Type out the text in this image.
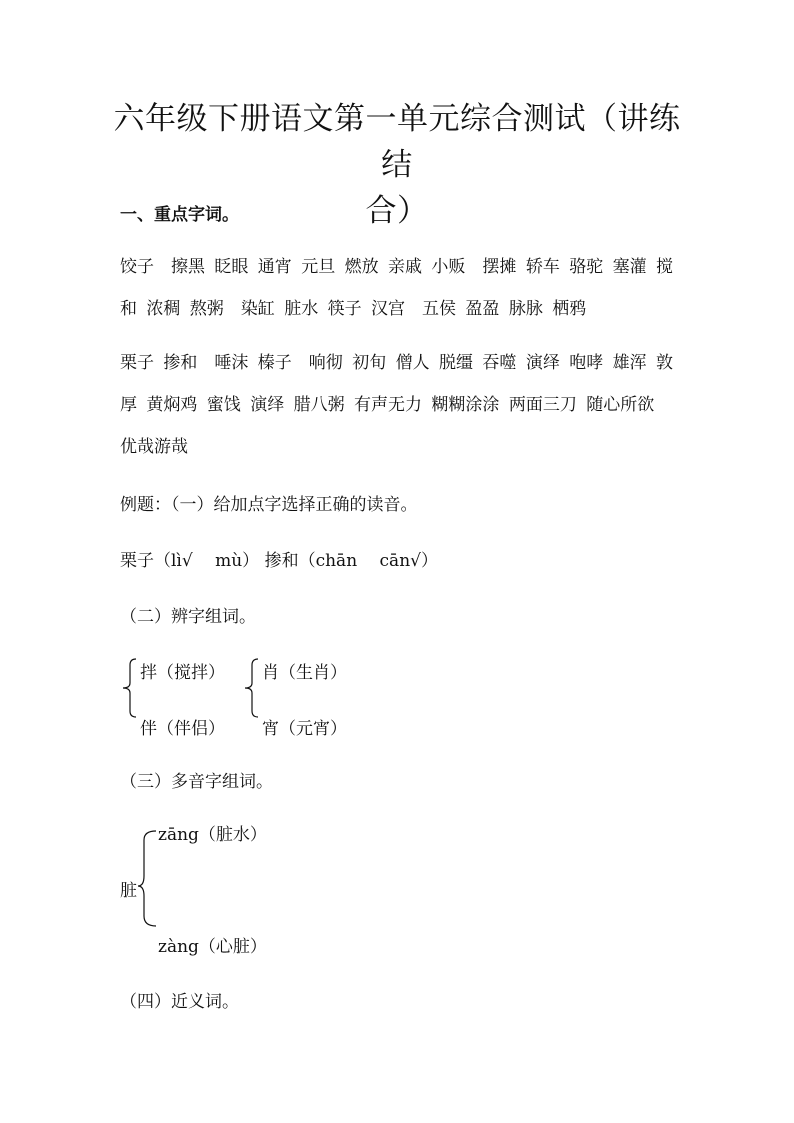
六年级下册语文第一单元综合测试（讲练结
合）
一、重点字词。
饺子　擦黑 眨眼 通宵 元旦 燃放 亲戚 小贩　摆摊 轿车 骆驼 塞灌 搅和 浓稠 熬粥　染缸 脏水 筷子 汉宫　五侯 盈盈 脉脉 栖鸦
栗子 掺和　唾沫 榛子　响彻 初旬 僧人 脱缰 吞噬 演绎 咆哮 雄浑 敦厚 黄焖鸡 蜜饯 演绎 腊八粥 有声无力 糊糊涂涂 两面三刀 随心所欲 优哉游哉
例题：（一）给加点字选择正确的读音。
栗子（lì√　 mù） 掺和（chān　 cān√）
（二）辨字组词。
拌（搅拌）
伴（伴侣）
肖（生肖）
宵（元宵）
（三）多音字组词。
脏
zāng（脏水）
zàng（心脏）
（四）近义词。
